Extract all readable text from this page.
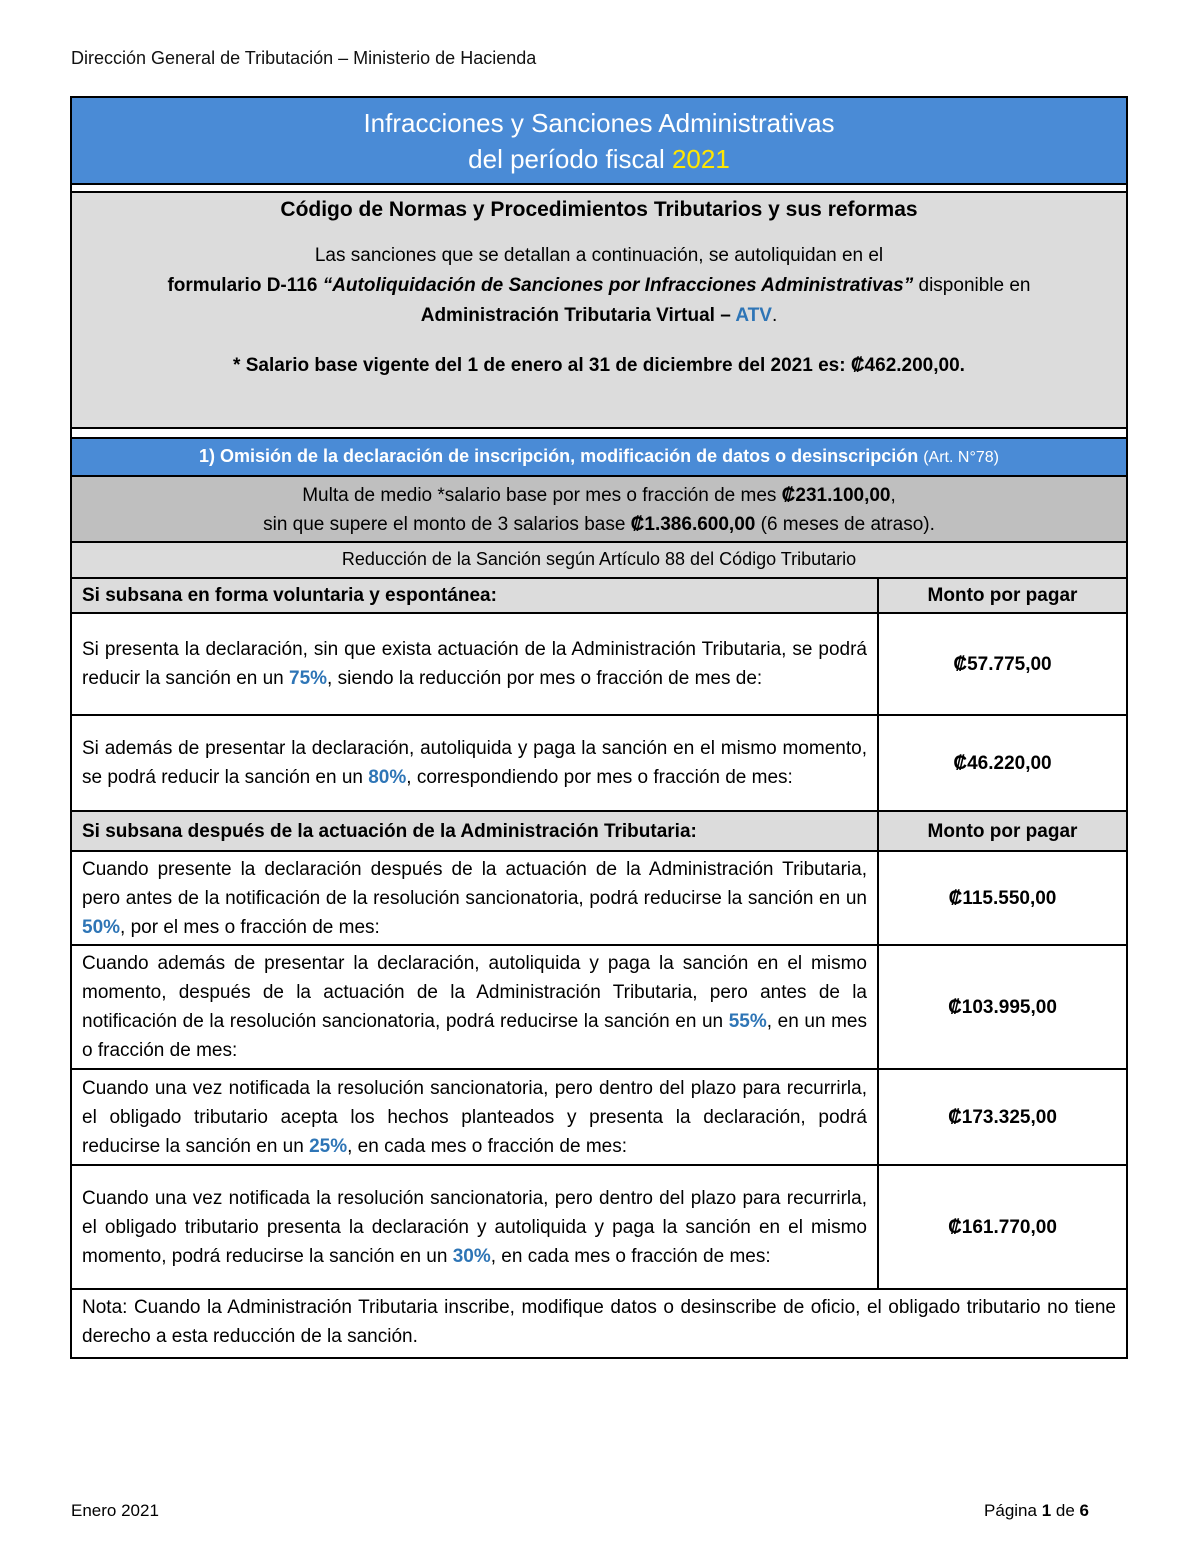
Dirección General de Tributación – Ministerio de Hacienda
Infracciones y Sanciones Administrativas
del período fiscal 2021
Código de Normas y Procedimientos Tributarios y sus reformas
Las sanciones que se detallan a continuación, se autoliquidan en el
formulario D-116 “Autoliquidación de Sanciones por Infracciones Administrativas” disponible en
Administración Tributaria Virtual – ATV.
* Salario base vigente del 1 de enero al 31 de diciembre del 2021 es: ₡462.200,00.
1) Omisión de la declaración de inscripción, modificación de datos o desinscripción (Art. N°78)
Multa de medio *salario base por mes o fracción de mes ₡231.100,00,
sin que supere el monto de 3 salarios base ₡1.386.600,00 (6 meses de atraso).
Reducción de la Sanción según Artículo 88 del Código Tributario
Si subsana en forma voluntaria y espontánea:	Monto por pagar
Si presenta la declaración, sin que exista actuación de la Administración Tributaria, se podrá reducir la sanción en un 75%, siendo la reducción por mes o fracción de mes de:	₡57.775,00
Si además de presentar la declaración, autoliquida y paga la sanción en el mismo momento, se podrá reducir la sanción en un 80%, correspondiendo por mes o fracción de mes:	₡46.220,00
Si subsana después de la actuación de la Administración Tributaria:	Monto por pagar
Cuando presente la declaración después de la actuación de la Administración Tributaria, pero antes de la notificación de la resolución sancionatoria, podrá reducirse la sanción en un 50%, por el mes o fracción de mes:	₡115.550,00
Cuando además de presentar la declaración, autoliquida y paga la sanción en el mismo momento, después de la actuación de la Administración Tributaria, pero antes de la notificación de la resolución sancionatoria, podrá reducirse la sanción en un 55%, en un mes o fracción de mes:	₡103.995,00
Cuando una vez notificada la resolución sancionatoria, pero dentro del plazo para recurrirla, el obligado tributario acepta los hechos planteados y presenta la declaración, podrá reducirse la sanción en un 25%, en cada mes o fracción de mes:	₡173.325,00
Cuando una vez notificada la resolución sancionatoria, pero dentro del plazo para recurrirla, el obligado tributario presenta la declaración y autoliquida y paga la sanción en el mismo momento, podrá reducirse la sanción en un 30%, en cada mes o fracción de mes:	₡161.770,00
Nota: Cuando la Administración Tributaria inscribe, modifique datos o desinscribe de oficio, el obligado tributario no tiene derecho a esta reducción de la sanción.
Enero 2021	Página 1 de 6
